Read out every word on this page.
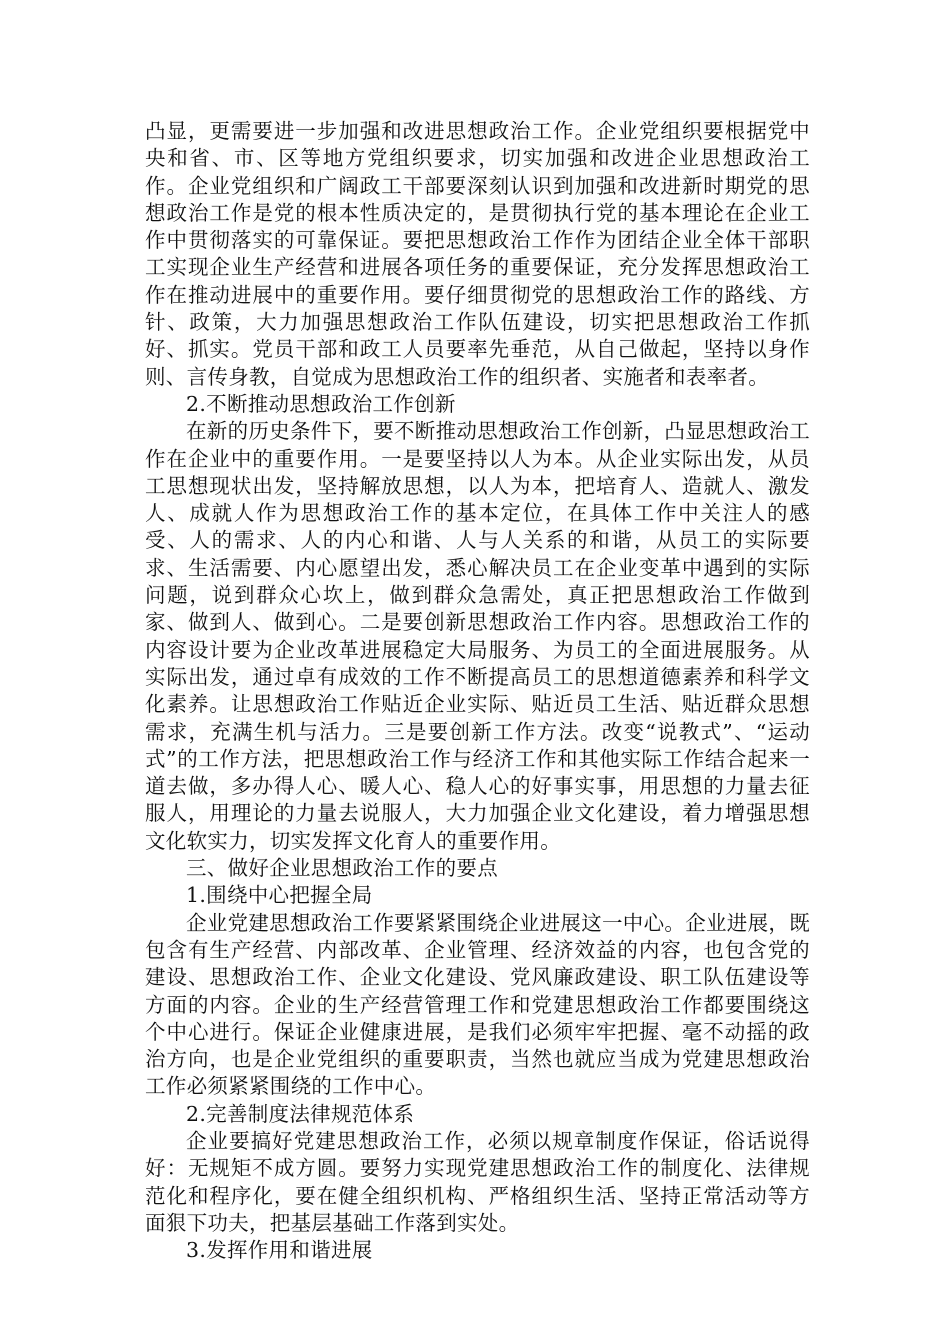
凸显，更需要进一步加强和改进思想政治工作。企业党组织要根据党中央和省、市、区等地方党组织要求，切实加强和改进企业思想政治工作。企业党组织和广阔政工干部要深刻认识到加强和改进新时期党的思想政治工作是党的根本性质决定的，是贯彻执行党的基本理论在企业工作中贯彻落实的可靠保证。要把思想政治工作作为团结企业全体干部职工实现企业生产经营和进展各项任务的重要保证，充分发挥思想政治工作在推动进展中的重要作用。要仔细贯彻党的思想政治工作的路线、方针、政策，大力加强思想政治工作队伍建设，切实把思想政治工作抓好、抓实。党员干部和政工人员要率先垂范，从自己做起，坚持以身作则、言传身教，自觉成为思想政治工作的组织者、实施者和表率者。

2.不断推动思想政治工作创新

在新的历史条件下，要不断推动思想政治工作创新，凸显思想政治工作在企业中的重要作用。一是要坚持以人为本。从企业实际出发，从员工思想现状出发，坚持解放思想，以人为本，把培育人、造就人、激发人、成就人作为思想政治工作的基本定位，在具体工作中关注人的感受、人的需求、人的内心和谐、人与人关系的和谐，从员工的实际要求、生活需要、内心愿望出发，悉心解决员工在企业变革中遇到的实际问题，说到群众心坎上，做到群众急需处，真正把思想政治工作做到家、做到人、做到心。二是要创新思想政治工作内容。思想政治工作的内容设计要为企业改革进展稳定大局服务、为员工的全面进展服务。从实际出发，通过卓有成效的工作不断提高员工的思想道德素养和科学文化素养。让思想政治工作贴近企业实际、贴近员工生活、贴近群众思想需求，充满生机与活力。三是要创新工作方法。改变“说教式”、“运动式”的工作方法，把思想政治工作与经济工作和其他实际工作结合起来一道去做，多办得人心、暖人心、稳人心的好事实事，用思想的力量去征服人，用理论的力量去说服人，大力加强企业文化建设，着力增强思想文化软实力，切实发挥文化育人的重要作用。

三、做好企业思想政治工作的要点

1.围绕中心把握全局

企业党建思想政治工作要紧紧围绕企业进展这一中心。企业进展，既包含有生产经营、内部改革、企业管理、经济效益的内容，也包含党的建设、思想政治工作、企业文化建设、党风廉政建设、职工队伍建设等方面的内容。企业的生产经营管理工作和党建思想政治工作都要围绕这个中心进行。保证企业健康进展，是我们必须牢牢把握、毫不动摇的政治方向，也是企业党组织的重要职责，当然也就应当成为党建思想政治工作必须紧紧围绕的工作中心。

2.完善制度法律规范体系

企业要搞好党建思想政治工作，必须以规章制度作保证，俗话说得好：无规矩不成方圆。要努力实现党建思想政治工作的制度化、法律规范化和程序化，要在健全组织机构、严格组织生活、坚持正常活动等方面狠下功夫，把基层基础工作落到实处。

3.发挥作用和谐进展
